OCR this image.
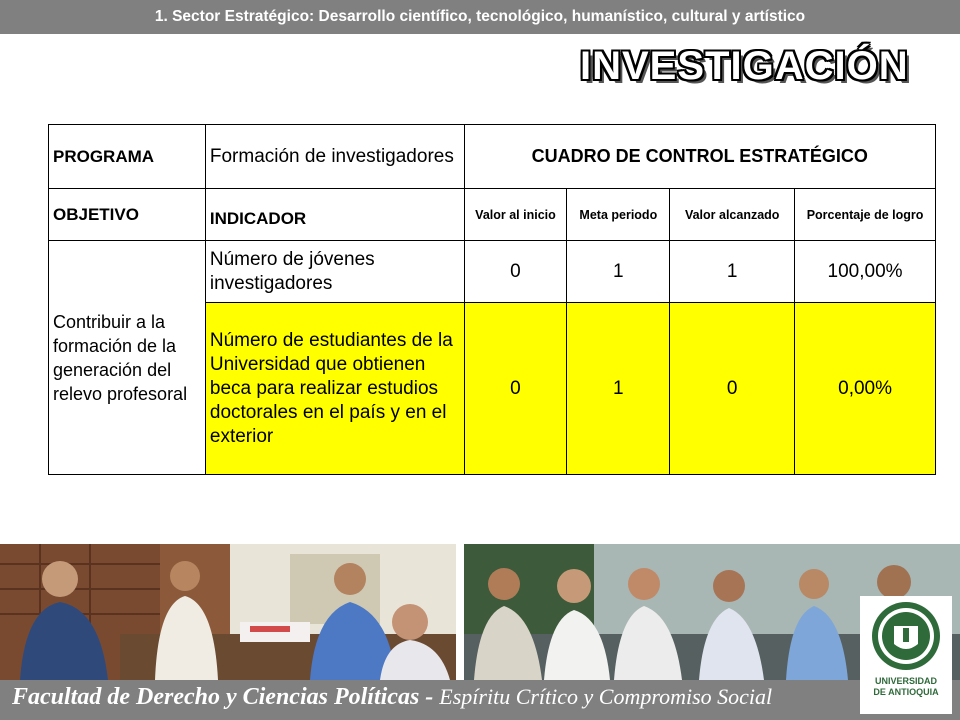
1. Sector Estratégico: Desarrollo científico, tecnológico, humanístico, cultural y artístico
INVESTIGACIÓN
PROGRAMA	Formación de investigadores	CUADRO DE CONTROL ESTRATÉGICO			
OBJETIVO	INDICADOR	Valor al inicio	Meta periodo	Valor alcanzado	Porcentaje de logro
Contribuir a la formación de la generación del relevo profesoral	Número de jóvenes investigadores	0	1	1	100,00%
	Número de estudiantes de la Universidad que obtienen beca para realizar estudios doctorales en el país y en el exterior	0	1	0	0,00%
Facultad de Derecho y Ciencias Políticas - Espíritu Crítico y Compromiso Social
UNIVERSIDAD
DE ANTIOQUIA
